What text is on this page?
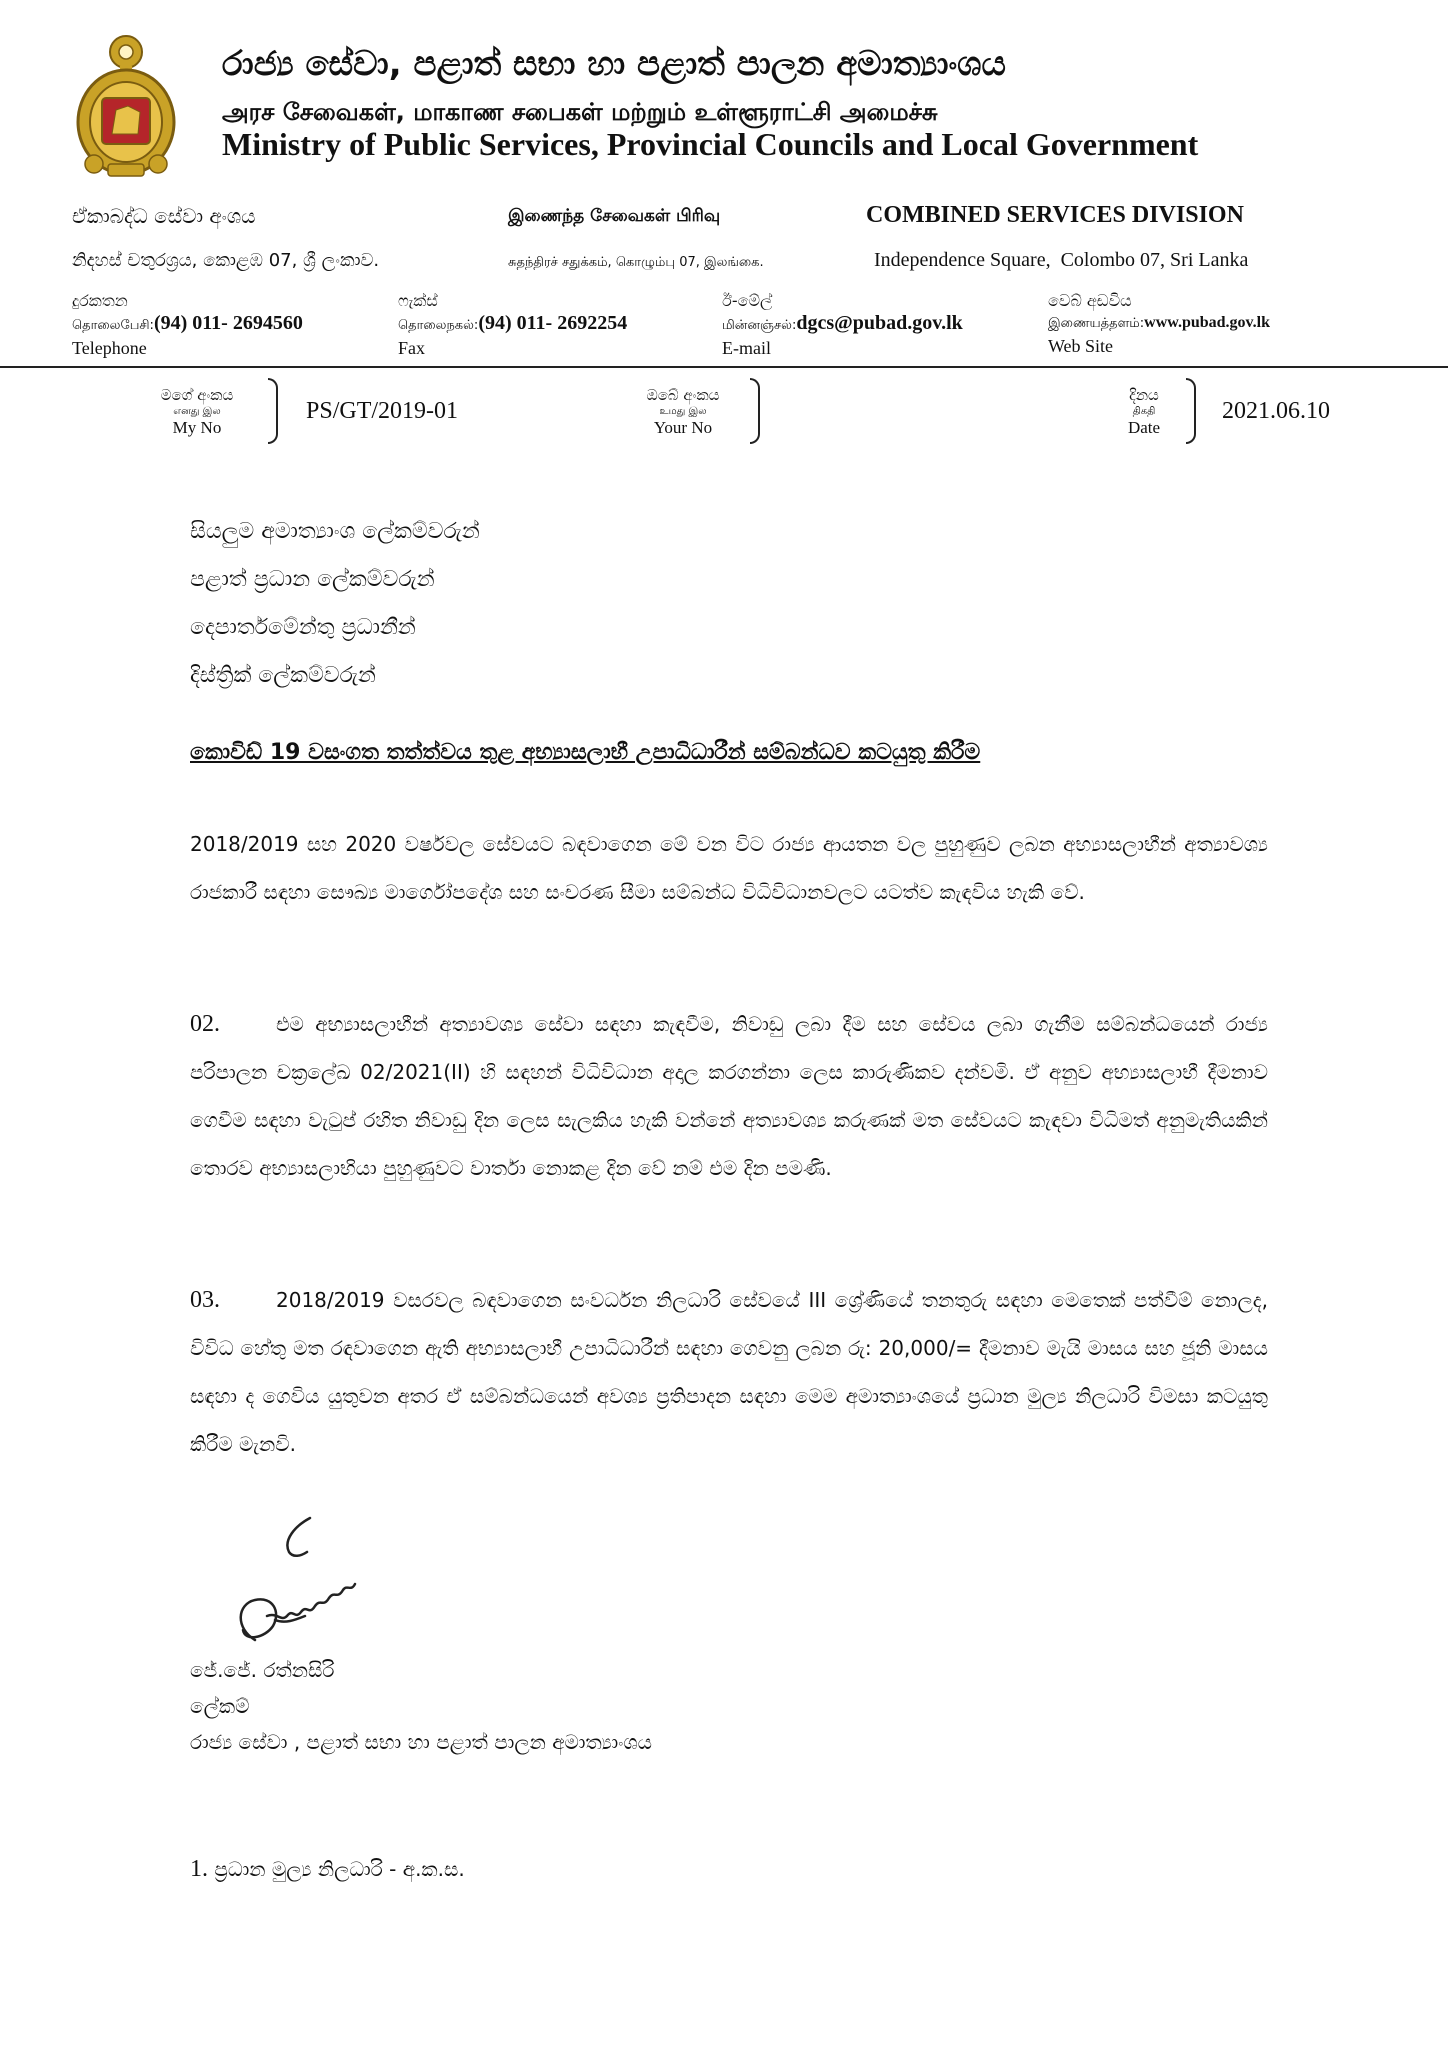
රාජ්‍ය සේවා, පළාත් සභා හා පළාත් පාලන අමාත්‍යාංශය
அரச சேவைகள், மாகாண சபைகள் மற்றும் உள்ளூராட்சி அமைச்சு
Ministry of Public Services, Provincial Councils and Local Government
ඒකාබද්ධ සේවා අංශය	இணைந்த சேவைகள் பிரிவு	COMBINED SERVICES DIVISION
නිදහස් චතුරශ්‍රය, කොළඹ 07, ශ්‍රී ලංකාව.	சுதந்திரச் சதுக்கம், கொழும்பு 07, இலங்கை.	Independence Square,  Colombo 07, Sri Lanka
දුරකතන
தொலைபேசி:(94) 011- 2694560
Telephone
ෆැක්ස්
தொலைநகல்:(94) 011- 2692254
Fax
ඊ-මේල්
மின்னஞ்சல்:dgcs@pubad.gov.lk
E-mail
වෙබ් අඩවිය
இணையத்தளம்:www.pubad.gov.lk
Web Site
මගේ අංකය
எனது இல
My No
PS/GT/2019-01
ඔබේ අංකය
உமது இல
Your No
දිනය
திகதி
Date
2021.06.10
සියලුම අමාත්‍යාංශ ලේකම්වරුන්
පළාත් ප්‍රධාන ලේකම්වරුන්
දෙපාර්තමේන්තු ප්‍රධානීන්
දිස්ත්‍රික් ලේකම්වරුන්
කොවිඩ් 19 වසංගත තත්ත්වය තුළ අභ්‍යාසලාභී උපාධිධාරීන් සම්බන්ධව කටයුතු කිරීම
2018/2019 සහ 2020 වර්ෂවල සේවයට බඳවාගෙන මේ වන විට රාජ්‍ය ආයතන වල පුහුණුව ලබන අභ්‍යාසලාභීන් අත්‍යාවශ්‍ය රාජකාරී සඳහා සෞඛ්‍ය මාර්ගෝපදේශ සහ සංචරණ සීමා සම්බන්ධ විධිවිධානවලට යටත්ව කැඳවිය හැකි වේ.
02.	එම අභ්‍යාසලාභීන් අත්‍යාවශ්‍ය සේවා සඳහා කැඳවීම, නිවාඩු ලබා දීම සහ සේවය ලබා ගැනීම සම්බන්ධයෙන් රාජ්‍ය පරිපාලන චක්‍රලේඛ 02/2021(II) හි සඳහන් විධිවිධාන අදාල කරගන්නා ලෙස කාරුණිකව දන්වමි. ඒ අනුව අභ්‍යාසලාභී දීමනාව ගෙවීම සඳහා වැටුප් රහිත නිවාඩු දින ලෙස සැලකිය හැකි වන්නේ අත්‍යාවශ්‍ය කරුණක් මත සේවයට කැඳවා විධිමත් අනුමැතියකින් තොරව අභ්‍යාසලාභියා පුහුණුවට වාර්තා නොකළ දින වේ නම් එම දින පමණි.
03.	2018/2019 වසරවල බඳවාගෙන සංවර්ධන නිලධාරි සේවයේ III ශ්‍රේණියේ තනතුරු සඳහා මෙතෙක් පත්වීම් නොලද, විවිධ හේතු මත රඳවාගෙන ඇති අභ්‍යාසලාභී උපාධිධාරීන් සඳහා ගෙවනු ලබන රු: 20,000/= දීමනාව මැයි මාසය සහ ජූනි මාසය සඳහා ද ගෙවිය යුතුවන අතර ඒ සම්බන්ධයෙන් අවශ්‍ය ප්‍රතිපාදන සඳහා මෙම අමාත්‍යාංශයේ ප්‍රධාන මුල්‍ය නිලධාරි විමසා කටයුතු කිරීම මැනවි.
ජේ.ජේ. රත්නසිරි
ලේකම්
රාජ්‍ය සේවා , පළාත් සභා හා පළාත් පාලන අමාත්‍යාංශය
1. ප්‍රධාන මුල්‍ය නිලධාරි - අ.ක.ස.
